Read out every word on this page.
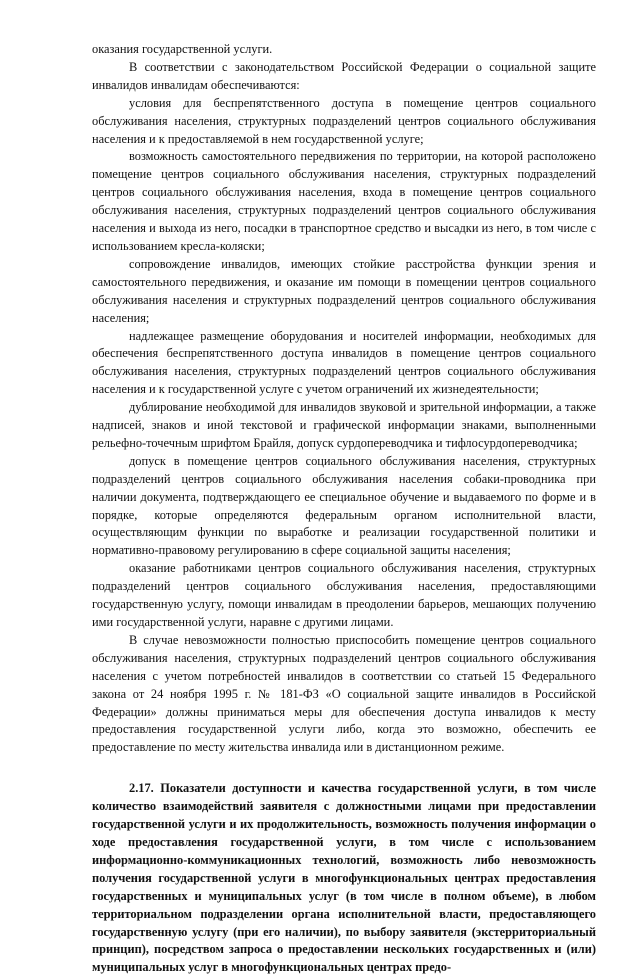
оказания государственной услуги.

В соответствии с законодательством Российской Федерации о социальной защите инвалидов инвалидам обеспечиваются:

условия для беспрепятственного доступа в помещение центров социального обслуживания населения, структурных подразделений центров социального обслуживания населения и к предоставляемой в нем государственной услуге;

возможность самостоятельного передвижения по территории, на которой расположено помещение центров социального обслуживания населения, структурных подразделений центров социального обслуживания населения, входа в помещение центров социального обслуживания населения, структурных подразделений центров социального обслуживания населения и выхода из него, посадки в транспортное средство и высадки из него, в том числе с использованием кресла-коляски;

сопровождение инвалидов, имеющих стойкие расстройства функции зрения и самостоятельного передвижения, и оказание им помощи в помещении центров социального обслуживания населения и структурных подразделений центров социального обслуживания населения;

надлежащее размещение оборудования и носителей информации, необходимых для обеспечения беспрепятственного доступа инвалидов в помещение центров социального обслуживания населения, структурных подразделений центров социального обслуживания населения и к государственной услуге с учетом ограничений их жизнедеятельности;

дублирование необходимой для инвалидов звуковой и зрительной информации, а также надписей, знаков и иной текстовой и графической информации знаками, выполненными рельефно-точечным шрифтом Брайля, допуск сурдопереводчика и тифлосурдопереводчика;

допуск в помещение центров социального обслуживания населения, структурных подразделений центров социального обслуживания населения собаки-проводника при наличии документа, подтверждающего ее специальное обучение и выдаваемого по форме и в порядке, которые определяются федеральным органом исполнительной власти, осуществляющим функции по выработке и реализации государственной политики и нормативно-правовому регулированию в сфере социальной защиты населения;

оказание работниками центров социального обслуживания населения, структурных подразделений центров социального обслуживания населения, предоставляющими государственную услугу, помощи инвалидам в преодолении барьеров, мешающих получению ими государственной услуги, наравне с другими лицами.

В случае невозможности полностью приспособить помещение центров социального обслуживания населения, структурных подразделений центров социального обслуживания населения с учетом потребностей инвалидов в соответствии со статьей 15 Федерального закона от 24 ноября 1995 г. № 181-ФЗ «О социальной защите инвалидов в Российской Федерации» должны приниматься меры для обеспечения доступа инвалидов к месту предоставления государственной услуги либо, когда это возможно, обеспечить ее предоставление по месту жительства инвалида или в дистанционном режиме.

2.17. Показатели доступности и качества государственной услуги, в том числе количество взаимодействий заявителя с должностными лицами при предоставлении государственной услуги и их продолжительность, возможность получения информации о ходе предоставления государственной услуги, в том числе с использованием информационно-коммуникационных технологий, возможность либо невозможность получения государственной услуги в многофункциональных центрах предоставления государственных и муниципальных услуг (в том числе в полном объеме), в любом территориальном подразделении органа исполнительной власти, предоставляющего государственную услугу (при его наличии), по выбору заявителя (экстерриториальный принцип), посредством запроса о предоставлении нескольких государственных и (или) муниципальных услуг в многофункциональных центрах предо-
